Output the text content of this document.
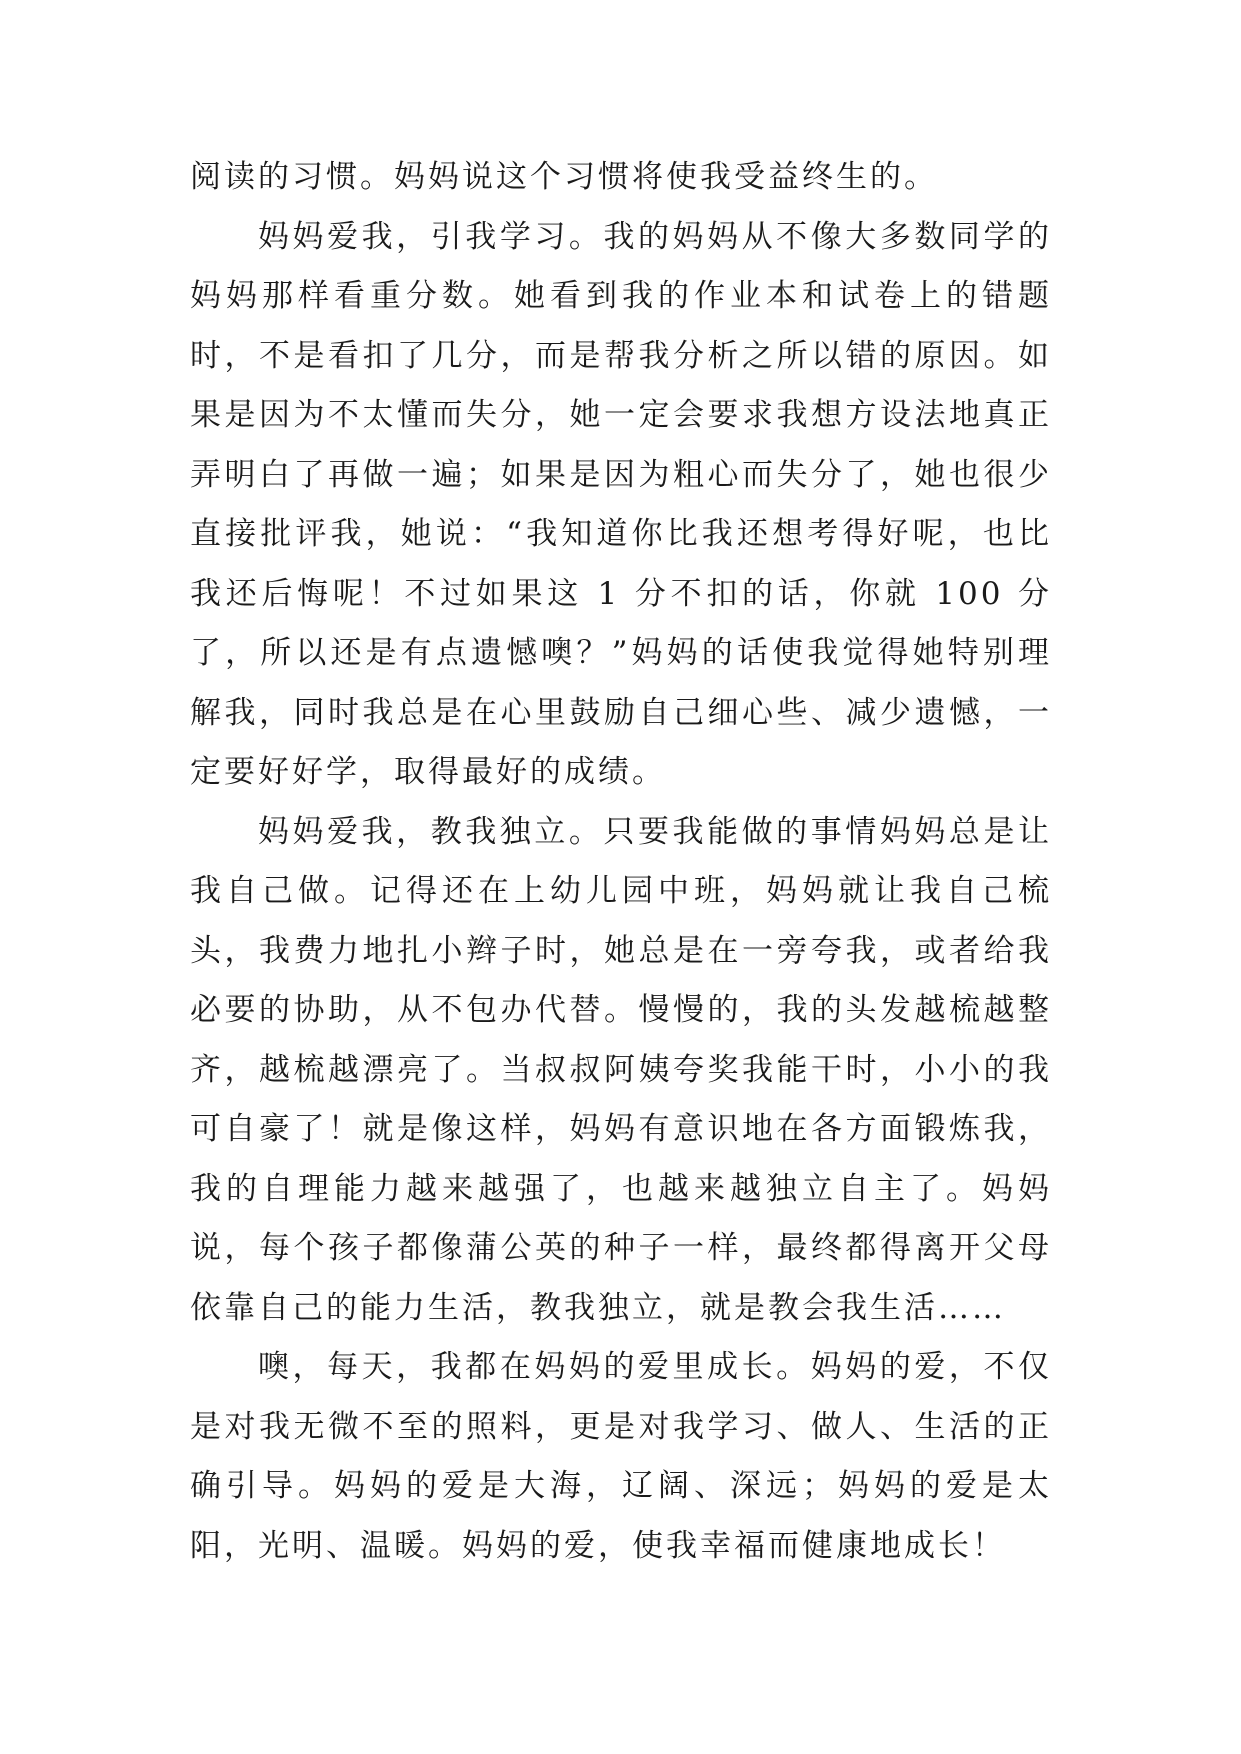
阅读的习惯。妈妈说这个习惯将使我受益终生的。

妈妈爱我，引我学习。我的妈妈从不像大多数同学的妈妈那样看重分数。她看到我的作业本和试卷上的错题时，不是看扣了几分，而是帮我分析之所以错的原因。如果是因为不太懂而失分，她一定会要求我想方设法地真正弄明白了再做一遍；如果是因为粗心而失分了，她也很少直接批评我，她说：“我知道你比我还想考得好呢，也比我还后悔呢！不过如果这 1 分不扣的话，你就 100 分了，所以还是有点遗憾噢？”妈妈的话使我觉得她特别理解我，同时我总是在心里鼓励自己细心些、减少遗憾，一定要好好学，取得最好的成绩。

妈妈爱我，教我独立。只要我能做的事情妈妈总是让我自己做。记得还在上幼儿园中班，妈妈就让我自己梳头，我费力地扎小辫子时，她总是在一旁夸我，或者给我必要的协助，从不包办代替。慢慢的，我的头发越梳越整齐，越梳越漂亮了。当叔叔阿姨夸奖我能干时，小小的我可自豪了！就是像这样，妈妈有意识地在各方面锻炼我，我的自理能力越来越强了，也越来越独立自主了。妈妈说，每个孩子都像蒲公英的种子一样，最终都得离开父母依靠自己的能力生活，教我独立，就是教会我生活……

噢，每天，我都在妈妈的爱里成长。妈妈的爱，不仅是对我无微不至的照料，更是对我学习、做人、生活的正确引导。妈妈的爱是大海，辽阔、深远；妈妈的爱是太阳，光明、温暖。妈妈的爱，使我幸福而健康地成长！
